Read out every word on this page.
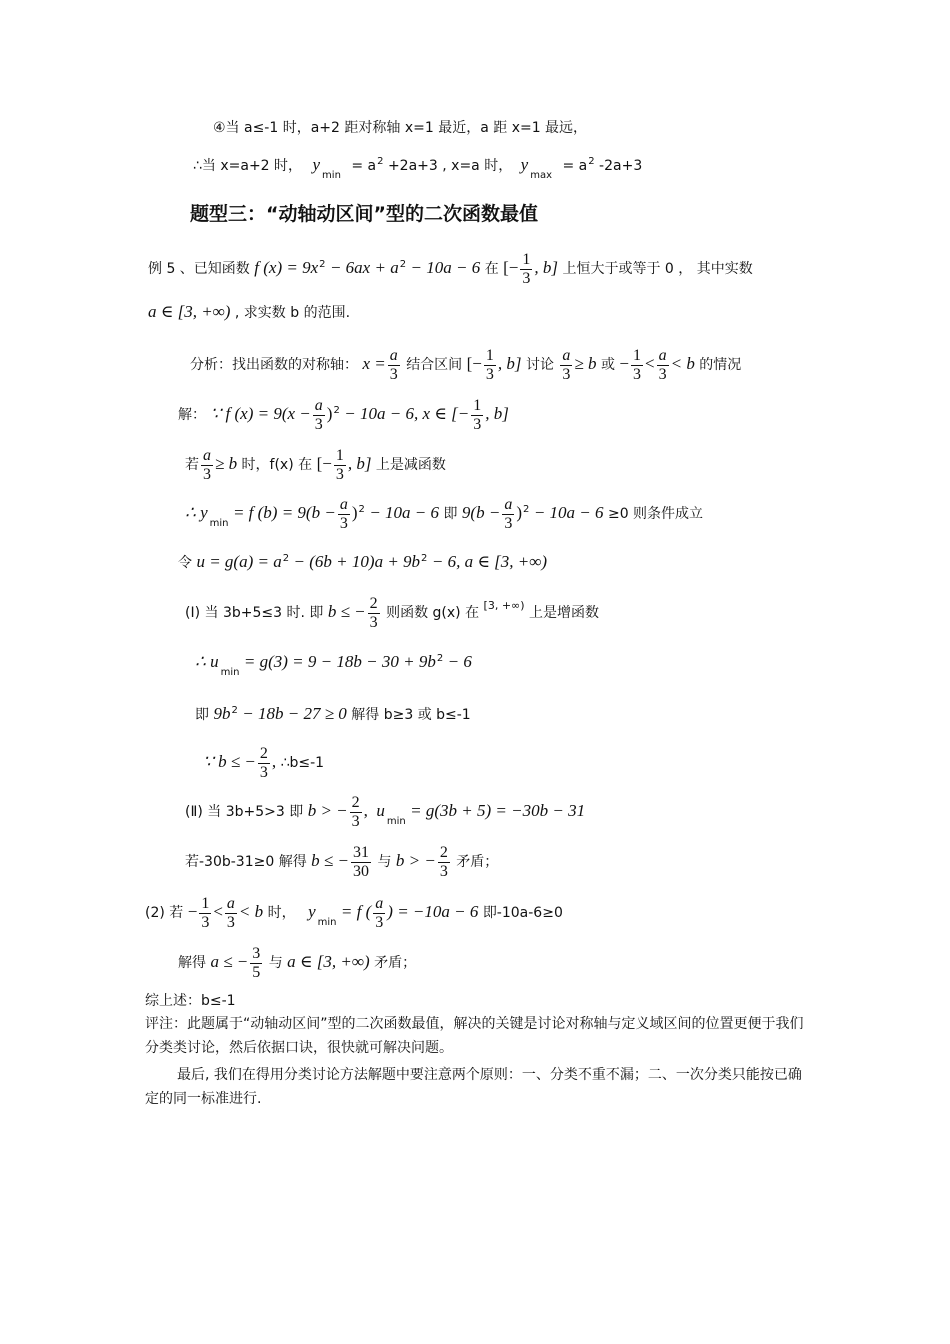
④当 a≤-1 时，a+2 距对称轴 x=1 最近，a 距 x=1 最远，
∴当 x=a+2 时， $y_{min} = a^2 +2a+3$ , x=a 时， $y_{max} = a^2$ -2a+3
题型三：“动轴动区间”型的二次函数最值
例 5 、已知函数 f $(x) = 9x^2 - 6ax + a^2 - 10a - 6$ 在 [− $\frac{1}{3}$ , b] 上恒大于或等于 0 ， 其中实数
a ∈ [3, +∞) , 求实数 b 的范围.
分析：找出函数的对称轴： $x = \frac{a}{3}$ 结合区间 [− $\frac{1}{3}$ , b] 讨论 $\frac{a}{3} \ge b$ 或 − $\frac{1}{3} < \frac{a}{3} < b$ 的情况
解： ∵ f $(x) = 9(x - \frac{a}{3} )^2 - 10a - 6$, x ∈ [− $\frac{1}{3}$ , b]
若 $\frac{a}{3} \ge b$ 时，f(x) 在 [− $\frac{1}{3}$ , b] 上是减函数
∴ $y_{min} = f$ $(b) = 9(b - \frac{a}{3} )^2 - 10a - 6$ 即 $9(b - \frac{a}{3} )^2 - 10a - 6 \ge 0$ 则条件成立
令 $u = g(a) = a^2 - (6b + 10)a + 9b^2 - 6$, a ∈ [3, +∞)
(Ⅰ) 当 3b+5≤3 时. 即 b ≤ − $\frac{2}{3}$ 则函数 g(x) 在 $^{[3, +\infty)}$ 上是增函数
∴ $u_{min} = g(3) = 9 - 18b - 30 + 9b^2 - 6$
即 $9b^2 - 18b - 27 \ge 0$ 解得 b≥3 或 b≤-1
∵ b ≤ − $\frac{2}{3}$ , ∴b≤-1
(Ⅱ) 当 3b+5>3 即 b > − $\frac{2}{3}$ , $u_{min} = g(3b + 5) = -30b - 31$
若-30b-31≥0 解得 b ≤ − $\frac{31}{30}$ 与 b > − $\frac{2}{3}$ 矛盾；
(2) 若 − $\frac{1}{3} < \frac{a}{3} < b$ 时， $y_{min} = f$ ( $\frac{a}{3}$ ) = −10a − 6 即-10a-6≥0
解得 a ≤ − $\frac{3}{5}$ 与 a ∈ [3, +∞) 矛盾；
综上述：b≤-1
评注：此题属于“动轴动区间”型的二次函数最值，解决的关键是讨论对称轴与定义域区间的位置更便于我们分类类讨论，然后依据口诀，很快就可解决问题。
最后, 我们在得用分类讨论方法解题中要注意两个原则：一、分类不重不漏；二、一次分类只能按已确定的同一标准进行.
